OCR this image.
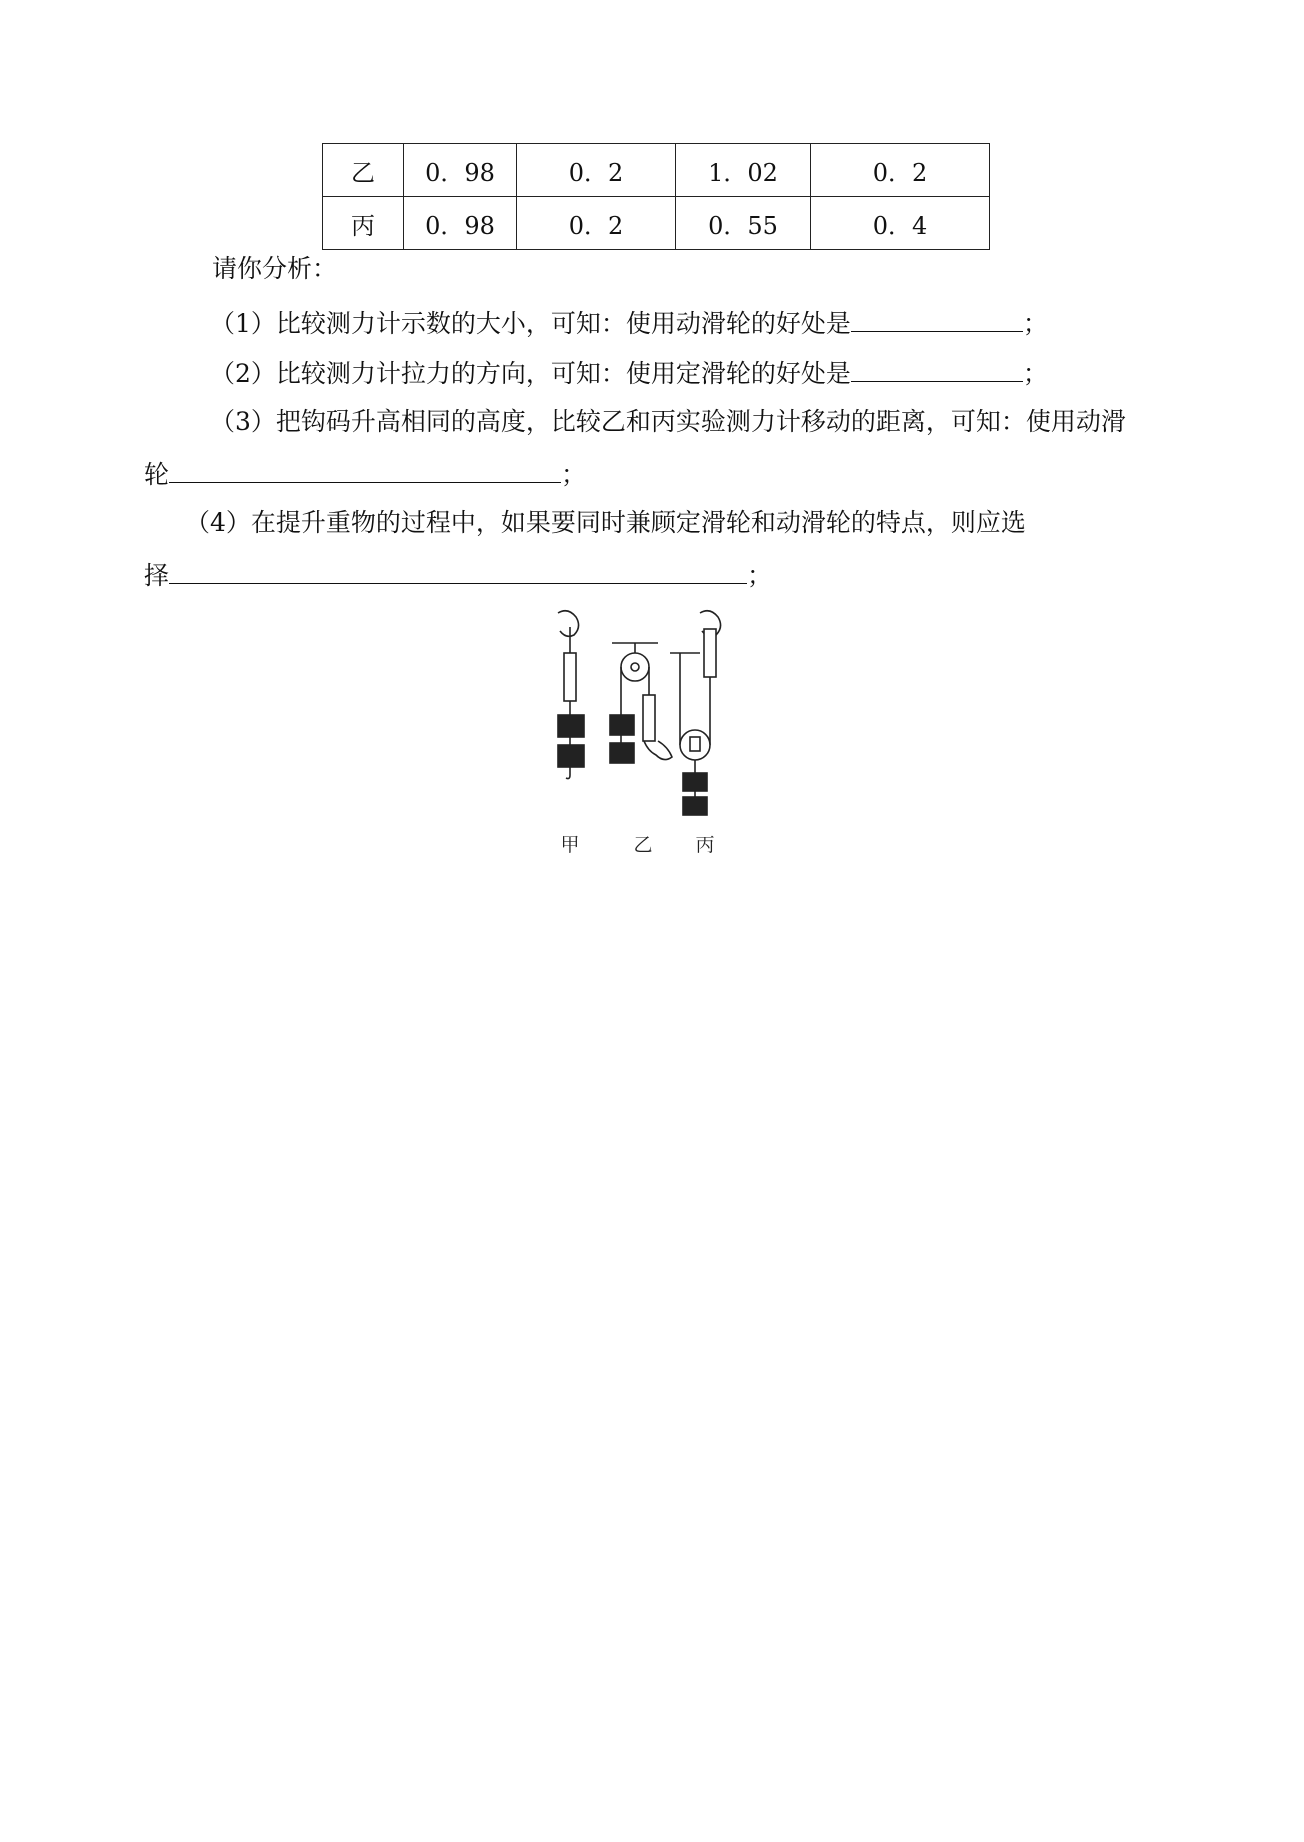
乙	0．98	0．2	1．02	0．2
丙	0．98	0．2	0．55	0．4
请你分析：
（1）比较测力计示数的大小，可知：使用动滑轮的好处是	；
（2）比较测力计拉力的方向，可知：使用定滑轮的好处是	；
（3）把钩码升高相同的高度，比较乙和丙实验测力计移动的距离，可知：使用动滑
轮	；
（4）在提升重物的过程中，如果要同时兼顾定滑轮和动滑轮的特点，则应选
择	；
甲	乙 丙
